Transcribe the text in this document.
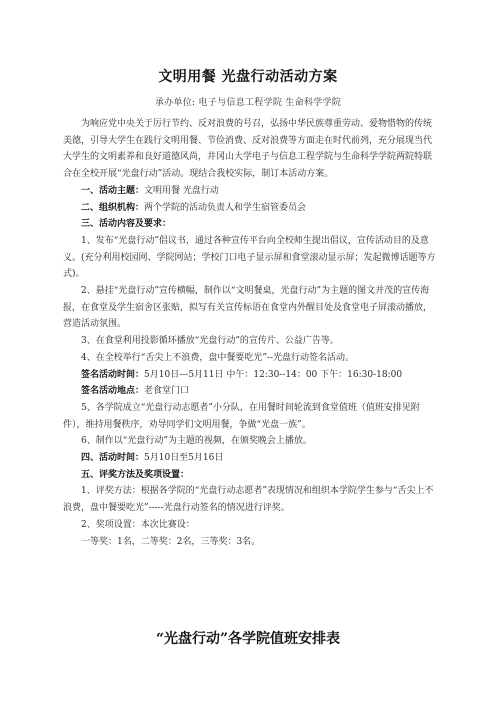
文明用餐 光盘行动活动方案
承办单位: 电子与信息工程学院 生命科学学院

为响应党中央关于厉行节约、反对浪费的号召，弘扬中华民族尊重劳动、爱物惜物的传统美德，引导大学生在践行文明用餐、节俭消费、反对浪费等方面走在时代前列，充分展现当代大学生的文明素养和良好道德风尚，井冈山大学电子与信息工程学院与生命科学学院两院特联合在全校开展“光盘行动”活动。现结合我校实际，制订本活动方案。

一、活动主题：文明用餐 光盘行动

二、组织机构：两个学院的活动负责人和学生宿管委员会

三、活动内容及要求：

1、发布“光盘行动”倡议书，通过各种宣传平台向全校师生提出倡议，宣传活动目的及意义。(充分利用校园网、学院网站；学校门口电子显示屏和食堂滚动显示屏；发起微博话题等方式)。

2、悬挂“光盘行动”宣传横幅，制作以“文明餐桌，光盘行动”为主题的图文并茂的宣传海报，在食堂及学生宿舍区张贴，拟写有关宣传标语在食堂内外醒目处及食堂电子屏滚动播放，营造活动氛围。

3、在食堂利用投影循环播放“光盘行动”的宣传片、公益广告等。

4、在全校举行“舌尖上不浪费，盘中餐要吃光”--光盘行动签名活动。

签名活动时间：5月10日---5月11日 中午：12:30--14：00 下午：16:30-18:00

签名活动地点：老食堂门口

5、各学院成立“光盘行动志愿者”小分队，在用餐时间轮流到食堂值班（值班安排见附件），维持用餐秩序，劝导同学们文明用餐，争做“光盘一族”。

6、制作以“光盘行动”为主题的视频，在颁奖晚会上播放。

四、活动时间：5月10日至5月16日

五、评奖方法及奖项设置：

1、评奖方法：根据各学院的“光盘行动志愿者”表现情况和组织本学院学生参与“舌尖上不浪费，盘中餐要吃光”-----光盘行动签名的情况进行评奖。

2、奖项设置：本次比赛设：

一等奖：1名，二等奖：2名，三等奖：3名。

“光盘行动”各学院值班安排表
